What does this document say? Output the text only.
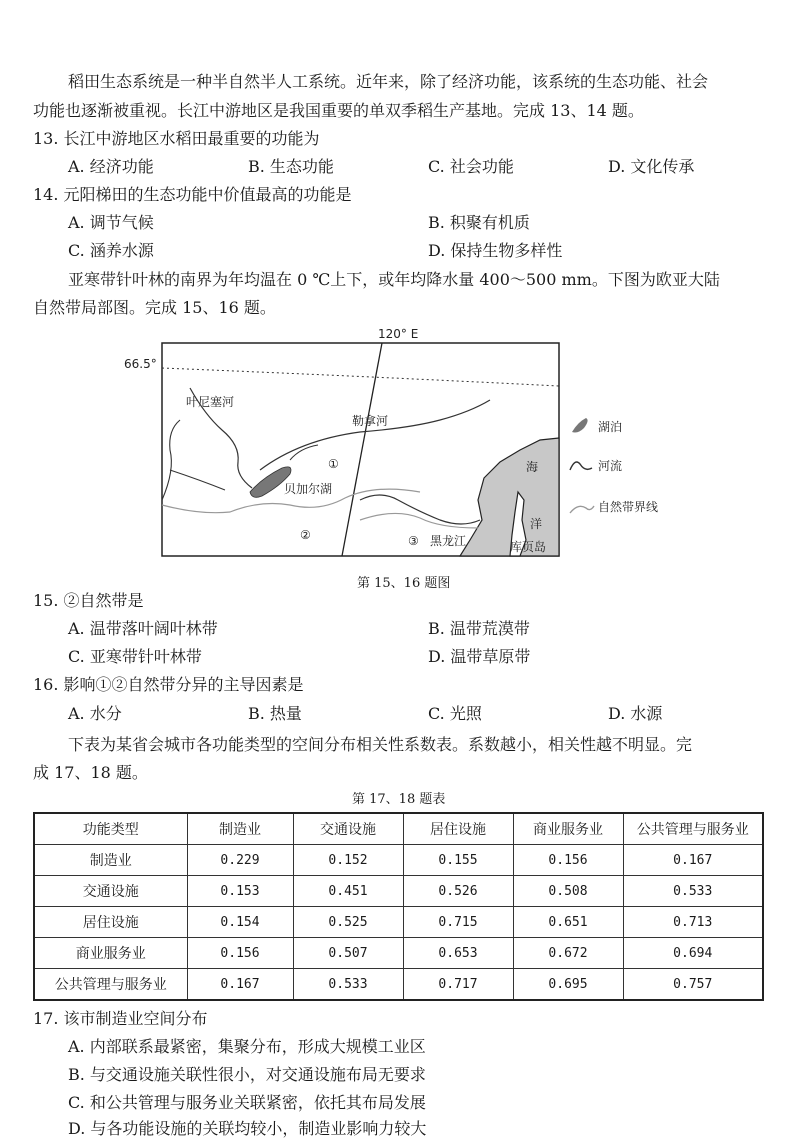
稻田生态系统是一种半自然半人工系统。近年来，除了经济功能，该系统的生态功能、社会
功能也逐渐被重视。长江中游地区是我国重要的单双季稻生产基地。完成 13、14 题。
13. 长江中游地区水稻田最重要的功能为
A. 经济功能	B. 生态功能	C. 社会功能	D. 文化传承
14. 元阳梯田的生态功能中价值最高的功能是
A. 调节气候	B. 积聚有机质
C. 涵养水源	D. 保持生物多样性
亚寒带针叶林的南界为年均温在 0 ℃上下，或年均降水量 400～500 mm。下图为欧亚大陆
自然带局部图。完成 15、16 题。
120° E
66.5°
叶尼塞河
勒拿河
黑龙江
贝加尔湖
①
②	③
海
洋
库页岛
湖泊
河流
自然带界线
第 15、16 题图
15. ②自然带是
A. 温带落叶阔叶林带	B. 温带荒漠带
C. 亚寒带针叶林带	D. 温带草原带
16. 影响①②自然带分异的主导因素是
A. 水分	B. 热量	C. 光照	D. 水源
下表为某省会城市各功能类型的空间分布相关性系数表。系数越小，相关性越不明显。完
成 17、18 题。
第 17、18 题表
功能类型	制造业	交通设施	居住设施	商业服务业	公共管理与服务业
制造业	0.229	0.152	0.155	0.156	0.167
交通设施	0.153	0.451	0.526	0.508	0.533
居住设施	0.154	0.525	0.715	0.651	0.713
商业服务业	0.156	0.507	0.653	0.672	0.694
公共管理与服务业	0.167	0.533	0.717	0.695	0.757
17. 该市制造业空间分布
A. 内部联系最紧密，集聚分布，形成大规模工业区
B. 与交通设施关联性很小，对交通设施布局无要求
C. 和公共管理与服务业关联紧密，依托其布局发展
D. 与各功能设施的关联均较小，制造业影响力较大
